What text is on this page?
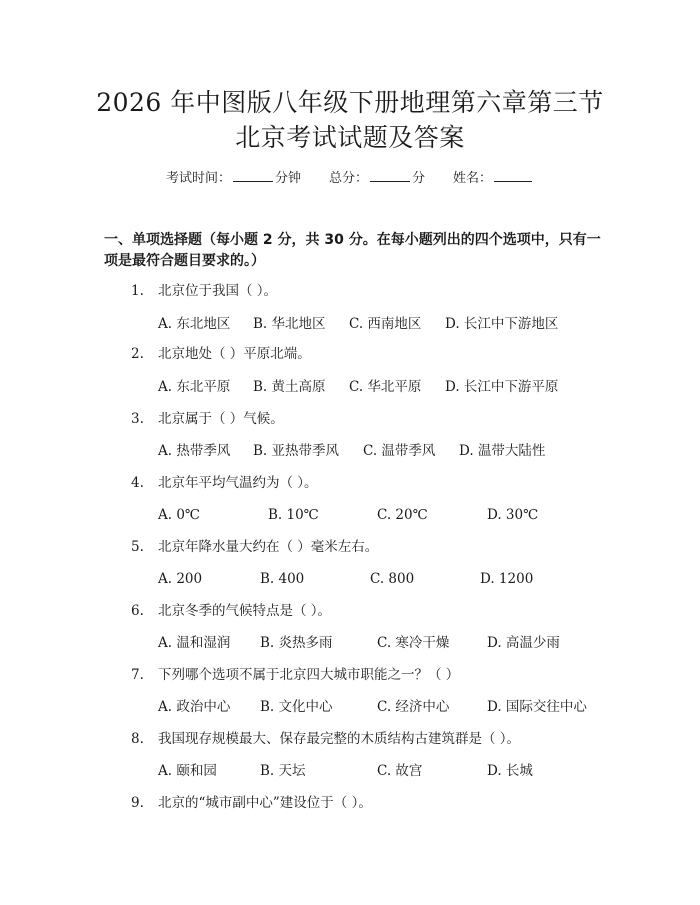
2026 年中图版八年级下册地理第六章第三节
北京考试试题及答案
考试时间：	分钟 总分：	分 姓名：
一、单项选择题（每小题 2 分，共 30 分。在每小题列出的四个选项中，只有一项是最符合题目要求的。）
1. 北京位于我国（ ）。
A. 东北地区 B. 华北地区 C. 西南地区 D. 长江中下游地区
2. 北京地处（ ）平原北端。
A. 东北平原 B. 黄土高原 C. 华北平原 D. 长江中下游平原
3. 北京属于（ ）气候。
A. 热带季风 B. 亚热带季风 C. 温带季风 D. 温带大陆性
4. 北京年平均气温约为（ ）。
A. 0℃	B. 10℃	C. 20℃	D. 30℃
5. 北京年降水量大约在（ ）毫米左右。
A. 200	B. 400	C. 800	D. 1200
6. 北京冬季的气候特点是（ ）。
A. 温和湿润 B. 炎热多雨	C. 寒冷干燥	D. 高温少雨
7. 下列哪个选项不属于北京四大城市职能之一？（ ）
A. 政治中心 B. 文化中心	C. 经济中心	D. 国际交往中心
8. 我国现存规模最大、保存最完整的木质结构古建筑群是（ ）。
A. 颐和园	B. 天坛	C. 故宫	D. 长城
9. 北京的“城市副中心”建设位于（ ）。
